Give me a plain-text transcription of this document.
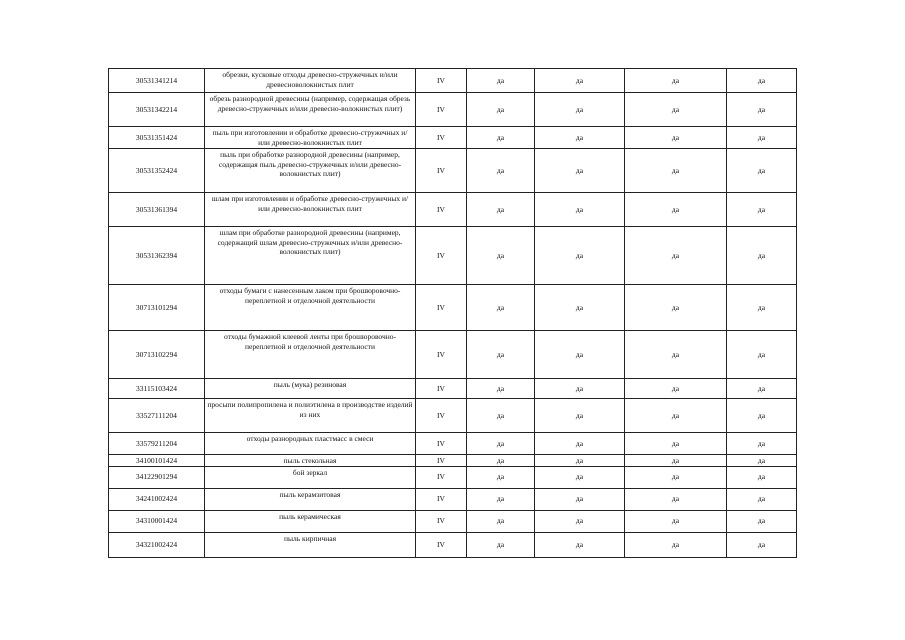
30531341214	обрезки, кусковые отходы древесно-стружечных и/или древесноволокнистых плит	IV	да	да	да	да
30531342214	обрезь разнородной древесины (например, содержащая обрезь древесно-стружечных и/или древесно-волокнистых плит)	IV	да	да	да	да
30531351424	пыль при изготовлении и обработке древесно-стружечных и/или древесно-волокнистых плит	IV	да	да	да	да
30531352424	пыль при обработке разнородной древесины (например, содержащая пыль древесно-стружечных и/или древесно-волокнистых плит)	IV	да	да	да	да
30531361394	шлам при изготовлении и обработке древесно-стружечных и/или древесно-волокнистых плит	IV	да	да	да	да
30531362394	шлам при обработке разнородной древесины (например, содержащий шлам древесно-стружечных и/или древесно-волокнистых плит)	IV	да	да	да	да
30713101294	отходы бумаги с нанесенным лаком при брошюровочно-переплетной и отделочной деятельности	IV	да	да	да	да
30713102294	отходы бумажной клеевой ленты при брошюровочно-переплетной и отделочной деятельности	IV	да	да	да	да
33115103424	пыль (мука) резиновая	IV	да	да	да	да
33527111204	просыпи полипропилена и полиэтилена в производстве изделий из них	IV	да	да	да	да
33579211204	отходы разнородных пластмасс в смеси	IV	да	да	да	да
34100101424	пыль стекольная	IV	да	да	да	да
34122901294	бой зеркал	IV	да	да	да	да
34241002424	пыль керамзитовая	IV	да	да	да	да
34310001424	пыль керамическая	IV	да	да	да	да
34321002424	пыль кирпичная	IV	да	да	да	да
